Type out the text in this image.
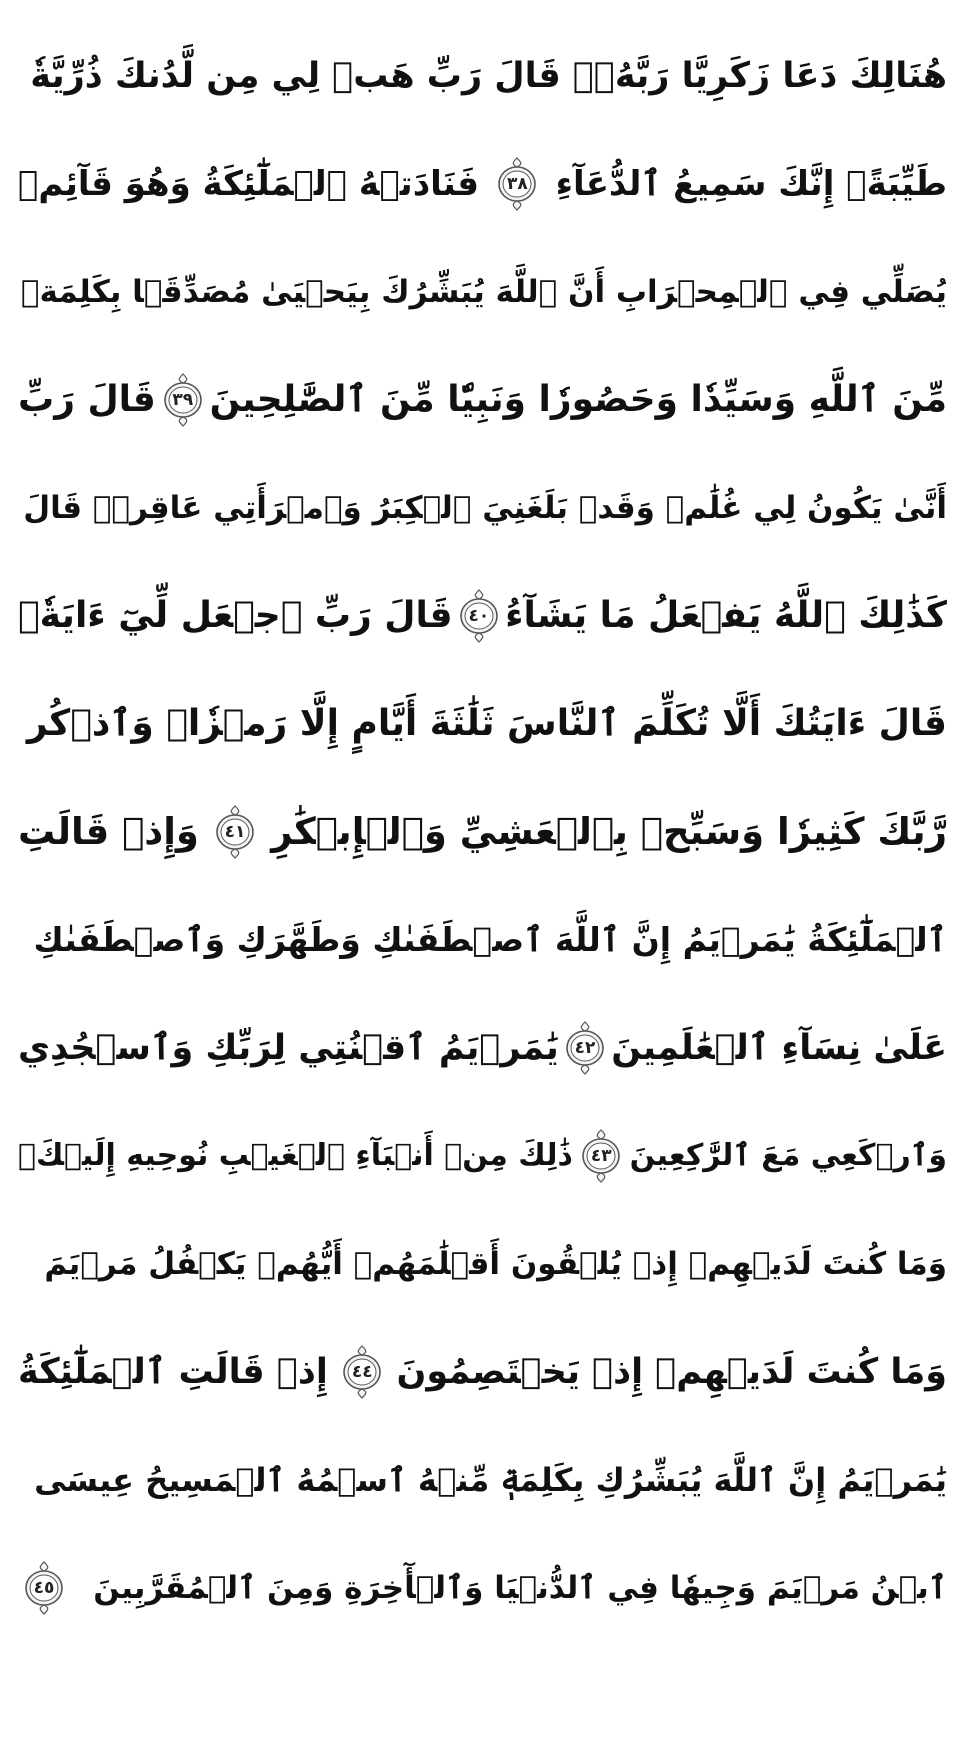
هُنَالِكَ دَعَا زَكَرِيَّا رَبَّهُۥۖ قَالَ رَبِّ هَبۡ لِي مِن لَّدُنكَ ذُرِّيَّةٗ
طَيِّبَةًۖ إِنَّكَ سَمِيعُ ٱلدُّعَآءِ
٣٨
فَنَادَتۡهُ ٱلۡمَلَٰٓئِكَةُ وَهُوَ قَآئِمٞ
يُصَلِّي فِي ٱلۡمِحۡرَابِ أَنَّ ٱللَّهَ يُبَشِّرُكَ بِيَحۡيَىٰ مُصَدِّقَۢا بِكَلِمَةٖ
مِّنَ ٱللَّهِ وَسَيِّدٗا وَحَصُورٗا وَنَبِيّٗا مِّنَ ٱلصَّٰلِحِينَ
٣٩
قَالَ رَبِّ
أَنَّىٰ يَكُونُ لِي غُلَٰمٞ وَقَدۡ بَلَغَنِيَ ٱلۡكِبَرُ وَٱمۡرَأَتِي عَاقِرٞۖ قَالَ
كَذَٰلِكَ ٱللَّهُ يَفۡعَلُ مَا يَشَآءُ
٤٠
قَالَ رَبِّ ٱجۡعَل لِّيٓ ءَايَةٗۖ
قَالَ ءَايَتُكَ أَلَّا تُكَلِّمَ ٱلنَّاسَ ثَلَٰثَةَ أَيَّامٍ إِلَّا رَمۡزٗاۗ وَٱذۡكُر
رَّبَّكَ كَثِيرٗا وَسَبِّحۡ بِٱلۡعَشِيِّ وَٱلۡإِبۡكَٰرِ
٤١
وَإِذۡ قَالَتِ
ٱلۡمَلَٰٓئِكَةُ يَٰمَرۡيَمُ إِنَّ ٱللَّهَ ٱصۡطَفَىٰكِ وَطَهَّرَكِ وَٱصۡطَفَىٰكِ
عَلَىٰ نِسَآءِ ٱلۡعَٰلَمِينَ
٤٢
يَٰمَرۡيَمُ ٱقۡنُتِي لِرَبِّكِ وَٱسۡجُدِي
وَٱرۡكَعِي مَعَ ٱلرَّٰكِعِينَ
٤٣
ذَٰلِكَ مِنۡ أَنۢبَآءِ ٱلۡغَيۡبِ نُوحِيهِ إِلَيۡكَۚ
وَمَا كُنتَ لَدَيۡهِمۡ إِذۡ يُلۡقُونَ أَقۡلَٰمَهُمۡ أَيُّهُمۡ يَكۡفُلُ مَرۡيَمَ
وَمَا كُنتَ لَدَيۡهِمۡ إِذۡ يَخۡتَصِمُونَ
٤٤
إِذۡ قَالَتِ ٱلۡمَلَٰٓئِكَةُ
يَٰمَرۡيَمُ إِنَّ ٱللَّهَ يُبَشِّرُكِ بِكَلِمَةٖ مِّنۡهُ ٱسۡمُهُ ٱلۡمَسِيحُ عِيسَى
ٱبۡنُ مَرۡيَمَ وَجِيهٗا فِي ٱلدُّنۡيَا وَٱلۡأٓخِرَةِ وَمِنَ ٱلۡمُقَرَّبِينَ
٤٥
